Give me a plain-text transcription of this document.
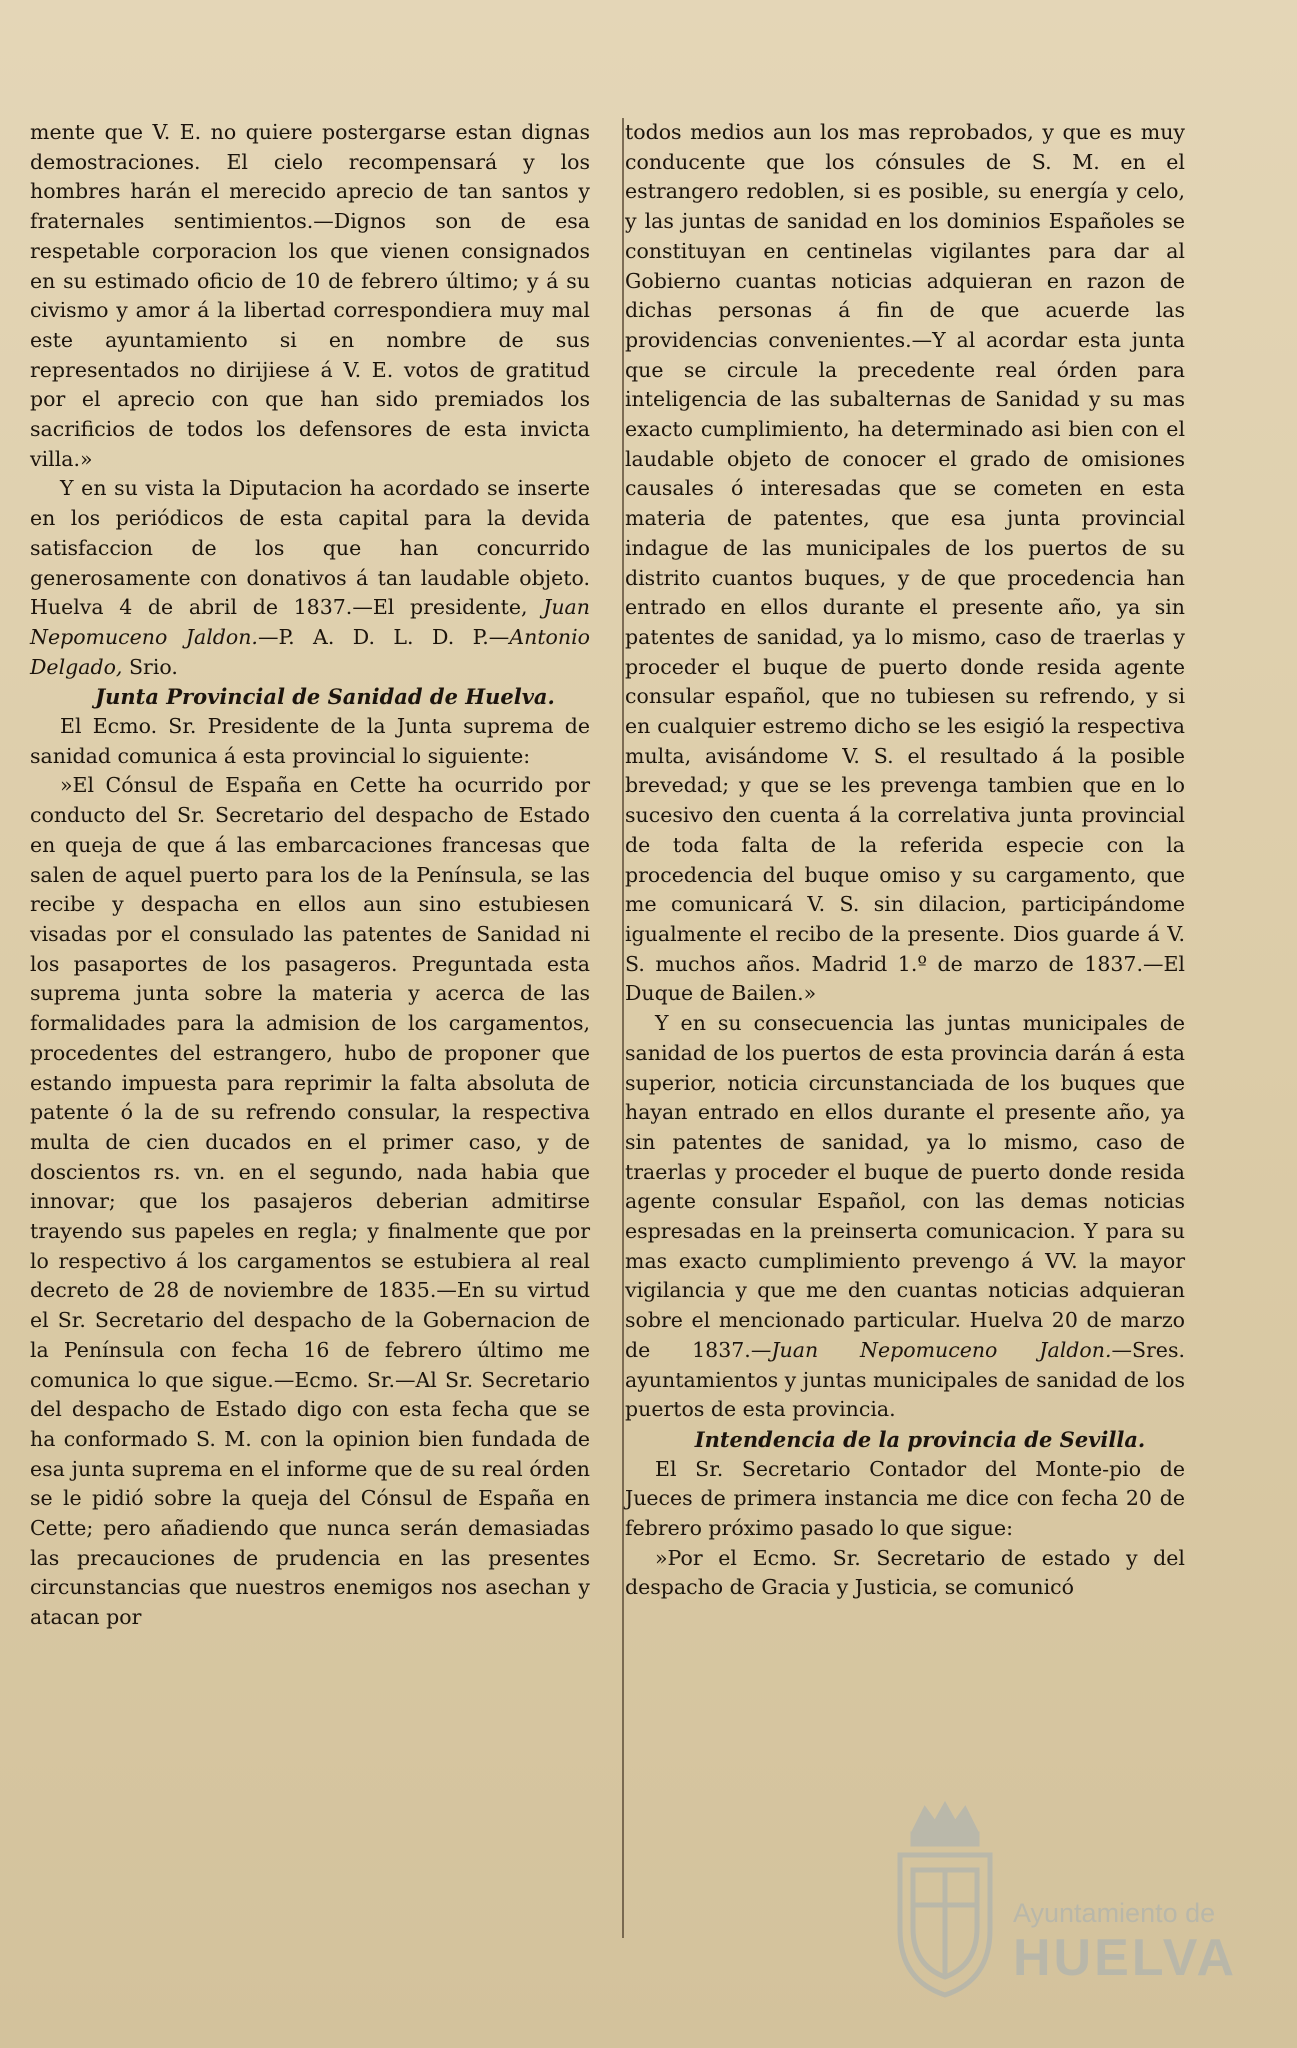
mente que V. E. no quiere postergarse estan dignas demostraciones. El cielo recompensará y los hombres harán el merecido aprecio de tan santos y fraternales sentimientos.—Dignos son de esa respetable corporacion los que vienen consignados en su estimado oficio de 10 de febrero último; y á su civismo y amor á la libertad correspondiera muy mal este ayuntamiento si en nombre de sus representados no dirijiese á V. E. votos de gratitud por el aprecio con que han sido premiados los sacrificios de todos los defensores de esta invicta villa.»

Y en su vista la Diputacion ha acordado se inserte en los periódicos de esta capital para la devida satisfaccion de los que han concurrido generosamente con donativos á tan laudable objeto. Huelva 4 de abril de 1837.—El presidente, Juan Nepomuceno Jaldon.—P. A. D. L. D. P.—Antonio Delgado, Srio.

Junta Provincial de Sanidad de Huelva.

El Ecmo. Sr. Presidente de la Junta suprema de sanidad comunica á esta provincial lo siguiente:

»El Cónsul de España en Cette ha ocurrido por conducto del Sr. Secretario del despacho de Estado en queja de que á las embarcaciones francesas que salen de aquel puerto para los de la Península, se las recibe y despacha en ellos aun sino estubiesen visadas por el consulado las patentes de Sanidad ni los pasaportes de los pasageros. Preguntada esta suprema junta sobre la materia y acerca de las formalidades para la admision de los cargamentos, procedentes del estrangero, hubo de proponer que estando impuesta para reprimir la falta absoluta de patente ó la de su refrendo consular, la respectiva multa de cien ducados en el primer caso, y de doscientos rs. vn. en el segundo, nada habia que innovar; que los pasajeros deberian admitirse trayendo sus papeles en regla; y finalmente que por lo respectivo á los cargamentos se estubiera al real decreto de 28 de noviembre de 1835.—En su virtud el Sr. Secretario del despacho de la Gobernacion de la Península con fecha 16 de febrero último me comunica lo que sigue.—Ecmo. Sr.—Al Sr. Secretario del despacho de Estado digo con esta fecha que se ha conformado S. M. con la opinion bien fundada de esa junta suprema en el informe que de su real órden se le pidió sobre la queja del Cónsul de España en Cette; pero añadiendo que nunca serán demasiadas las precauciones de prudencia en las presentes circunstancias que nuestros enemigos nos asechan y atacan por

todos medios aun los mas reprobados, y que es muy conducente que los cónsules de S. M. en el estrangero redoblen, si es posible, su energía y celo, y las juntas de sanidad en los dominios Españoles se constituyan en centinelas vigilantes para dar al Gobierno cuantas noticias adquieran en razon de dichas personas á fin de que acuerde las providencias convenientes.—Y al acordar esta junta que se circule la precedente real órden para inteligencia de las subalternas de Sanidad y su mas exacto cumplimiento, ha determinado asi bien con el laudable objeto de conocer el grado de omisiones causales ó interesadas que se cometen en esta materia de patentes, que esa junta provincial indague de las municipales de los puertos de su distrito cuantos buques, y de que procedencia han entrado en ellos durante el presente año, ya sin patentes de sanidad, ya lo mismo, caso de traerlas y proceder el buque de puerto donde resida agente consular español, que no tubiesen su refrendo, y si en cualquier estremo dicho se les esigió la respectiva multa, avisándome V. S. el resultado á la posible brevedad; y que se les prevenga tambien que en lo sucesivo den cuenta á la correlativa junta provincial de toda falta de la referida especie con la procedencia del buque omiso y su cargamento, que me comunicará V. S. sin dilacion, participándome igualmente el recibo de la presente. Dios guarde á V. S. muchos años. Madrid 1.º de marzo de 1837.—El Duque de Bailen.»

Y en su consecuencia las juntas municipales de sanidad de los puertos de esta provincia darán á esta superior, noticia circunstanciada de los buques que hayan entrado en ellos durante el presente año, ya sin patentes de sanidad, ya lo mismo, caso de traerlas y proceder el buque de puerto donde resida agente consular Español, con las demas noticias espresadas en la preinserta comunicacion. Y para su mas exacto cumplimiento prevengo á VV. la mayor vigilancia y que me den cuantas noticias adquieran sobre el mencionado particular. Huelva 20 de marzo de 1837.—Juan Nepomuceno Jaldon.—Sres. ayuntamientos y juntas municipales de sanidad de los puertos de esta provincia.

Intendencia de la provincia de Sevilla.

El Sr. Secretario Contador del Monte-pio de Jueces de primera instancia me dice con fecha 20 de febrero próximo pasado lo que sigue:

»Por el Ecmo. Sr. Secretario de estado y del despacho de Gracia y Justicia, se comunicó

Ayuntamiento de
HUELVA
